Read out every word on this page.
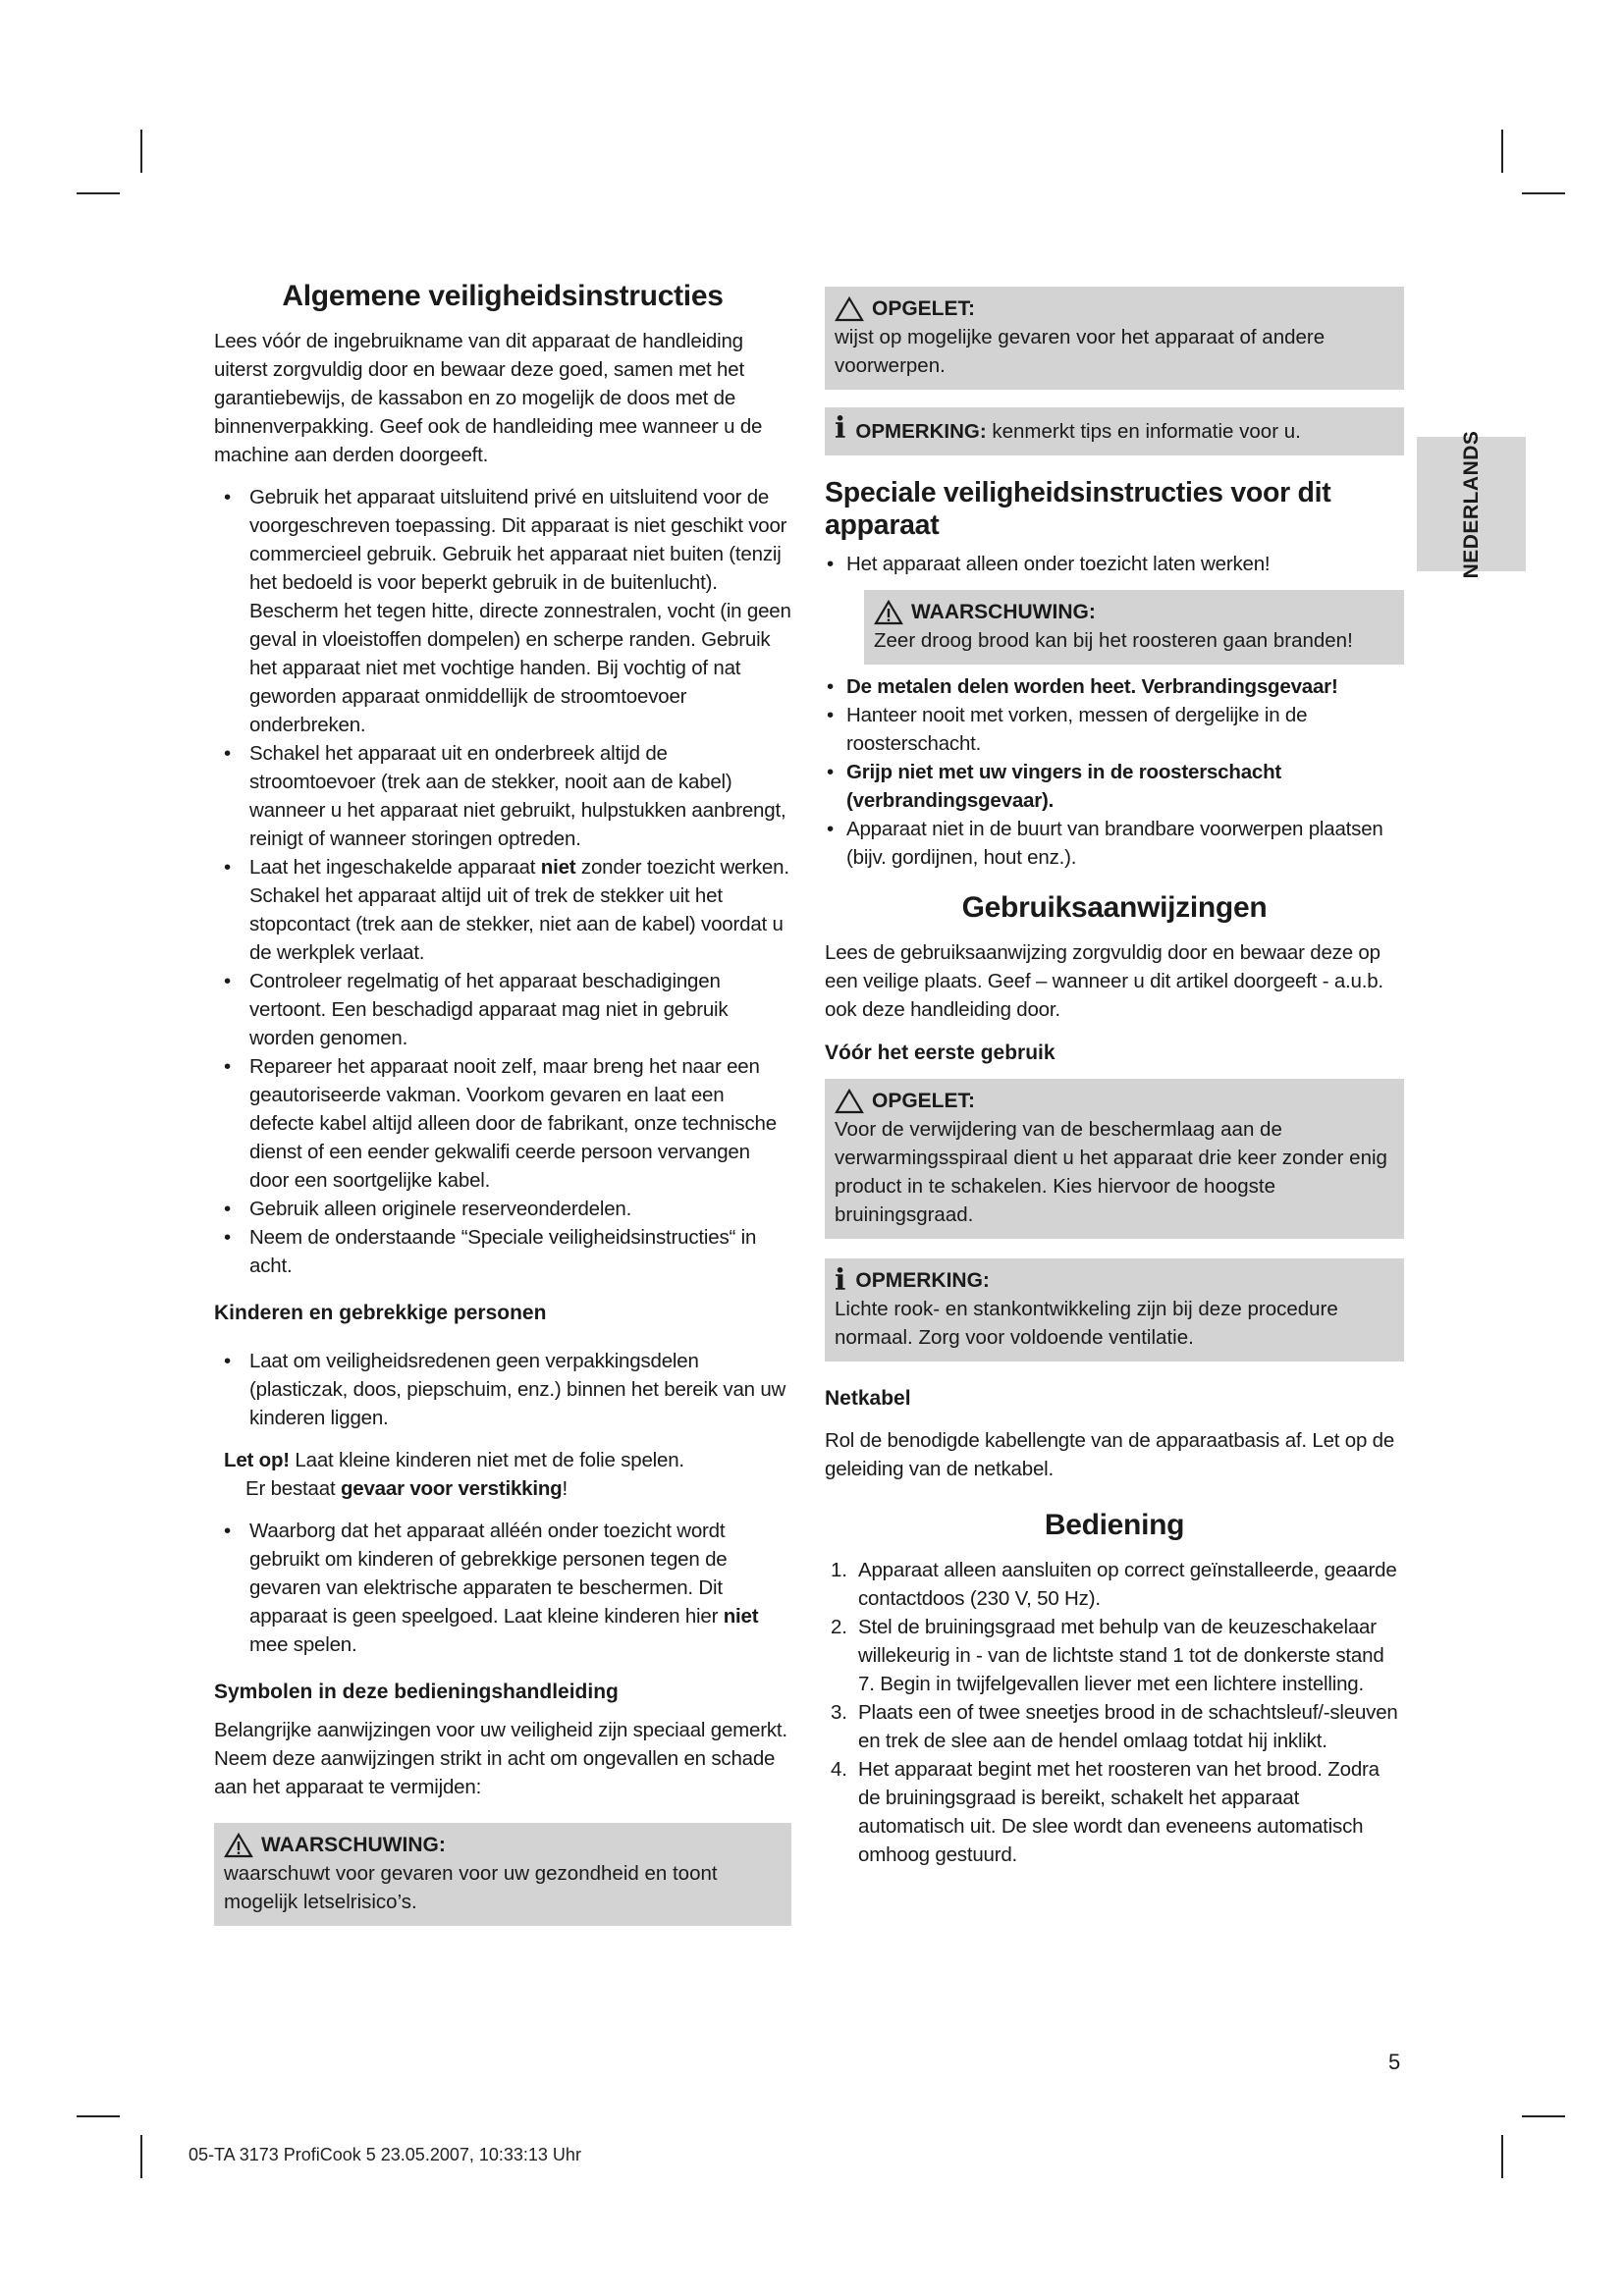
Algemene veiligheidsinstructies

Lees vóór de ingebruikname van dit apparaat de handleiding uiterst zorgvuldig door en bewaar deze goed, samen met het garantiebewijs, de kassabon en zo mogelijk de doos met de binnenverpakking. Geef ook de handleiding mee wanneer u de machine aan derden doorgeeft.

• Gebruik het apparaat uitsluitend privé en uitsluitend voor de voorgeschreven toepassing. Dit apparaat is niet geschikt voor commercieel gebruik. Gebruik het apparaat niet buiten (tenzij het bedoeld is voor beperkt gebruik in de buitenlucht). Bescherm het tegen hitte, directe zonnestralen, vocht (in geen geval in vloeistoffen dompelen) en scherpe randen. Gebruik het apparaat niet met vochtige handen. Bij vochtig of nat geworden apparaat onmiddellijk de stroomtoevoer onderbreken.
• Schakel het apparaat uit en onderbreek altijd de stroomtoevoer (trek aan de stekker, nooit aan de kabel) wanneer u het apparaat niet gebruikt, hulpstukken aanbrengt, reinigt of wanneer storingen optreden.
• Laat het ingeschakelde apparaat niet zonder toezicht werken. Schakel het apparaat altijd uit of trek de stekker uit het stopcontact (trek aan de stekker, niet aan de kabel) voordat u de werkplek verlaat.
• Controleer regelmatig of het apparaat beschadigingen vertoont. Een beschadigd apparaat mag niet in gebruik worden genomen.
• Repareer het apparaat nooit zelf, maar breng het naar een geautoriseerde vakman. Voorkom gevaren en laat een defecte kabel altijd alleen door de fabrikant, onze technische dienst of een eender gekwalifi ceerde persoon vervangen door een soortgelijke kabel.
• Gebruik alleen originele reserveonderdelen.
• Neem de onderstaande “Speciale veiligheidsinstructies“ in acht.
Kinderen en gebrekkige personen
• Laat om veiligheidsredenen geen verpakkingsdelen (plasticzak, doos, piepschuim, enz.) binnen het bereik van uw kinderen liggen.
Let op! Laat kleine kinderen niet met de folie spelen.
Er bestaat gevaar voor verstikking!
• Waarborg dat het apparaat alléén onder toezicht wordt gebruikt om kinderen of gebrekkige personen tegen de gevaren van elektrische apparaten te beschermen. Dit apparaat is geen speelgoed. Laat kleine kinderen hier niet mee spelen.
Symbolen in deze bedieningshandleiding

Belangrijke aanwijzingen voor uw veiligheid zijn speciaal gemerkt. Neem deze aanwijzingen strikt in acht om ongevallen en schade aan het apparaat te vermijden:

WAARSCHUWING:
waarschuwt voor gevaren voor uw gezondheid en toont mogelijk letselrisico’s.
OPGELET:
wijst op mogelijke gevaren voor het apparaat of andere voorwerpen.
i OPMERKING: kenmerkt tips en informatie voor u.
Speciale veiligheidsinstructies voor dit apparaat
• Het apparaat alleen onder toezicht laten werken!
WAARSCHUWING:
Zeer droog brood kan bij het roosteren gaan branden!
• De metalen delen worden heet. Verbrandingsgevaar!
• Hanteer nooit met vorken, messen of dergelijke in de roosterschacht.
• Grijp niet met uw vingers in de roosterschacht (verbrandingsgevaar).
• Apparaat niet in de buurt van brandbare voorwerpen plaatsen (bijv. gordijnen, hout enz.).
Gebruiksaanwijzingen

Lees de gebruiksaanwijzing zorgvuldig door en bewaar deze op een veilige plaats. Geef – wanneer u dit artikel doorgeeft - a.u.b. ook deze handleiding door.

Vóór het eerste gebruik
OPGELET:
Voor de verwijdering van de beschermlaag aan de verwarmingsspiraal dient u het apparaat drie keer zonder enig product in te schakelen. Kies hiervoor de hoogste bruiningsgraad.
i OPMERKING:
Lichte rook- en stankontwikkeling zijn bij deze procedure normaal. Zorg voor voldoende ventilatie.
Netkabel

Rol de benodigde kabellengte van de apparaatbasis af. Let op de geleiding van de netkabel.

Bediening
1. Apparaat alleen aansluiten op correct geïnstalleerde, geaarde contactdoos (230 V, 50 Hz).
2. Stel de bruiningsgraad met behulp van de keuzeschakelaar willekeurig in - van de lichtste stand 1 tot de donkerste stand 7. Begin in twijfelgevallen liever met een lichtere instelling.
3. Plaats een of twee sneetjes brood in de schachtsleuf/-sleuven en trek de slee aan de hendel omlaag totdat hij inklikt.
4. Het apparaat begint met het roosteren van het brood. Zodra de bruiningsgraad is bereikt, schakelt het apparaat automatisch uit. De slee wordt dan eveneens automatisch omhoog gestuurd.
NEDERLANDS
5
05-TA 3173 ProfiCook 5 23.05.2007, 10:33:13 Uhr
